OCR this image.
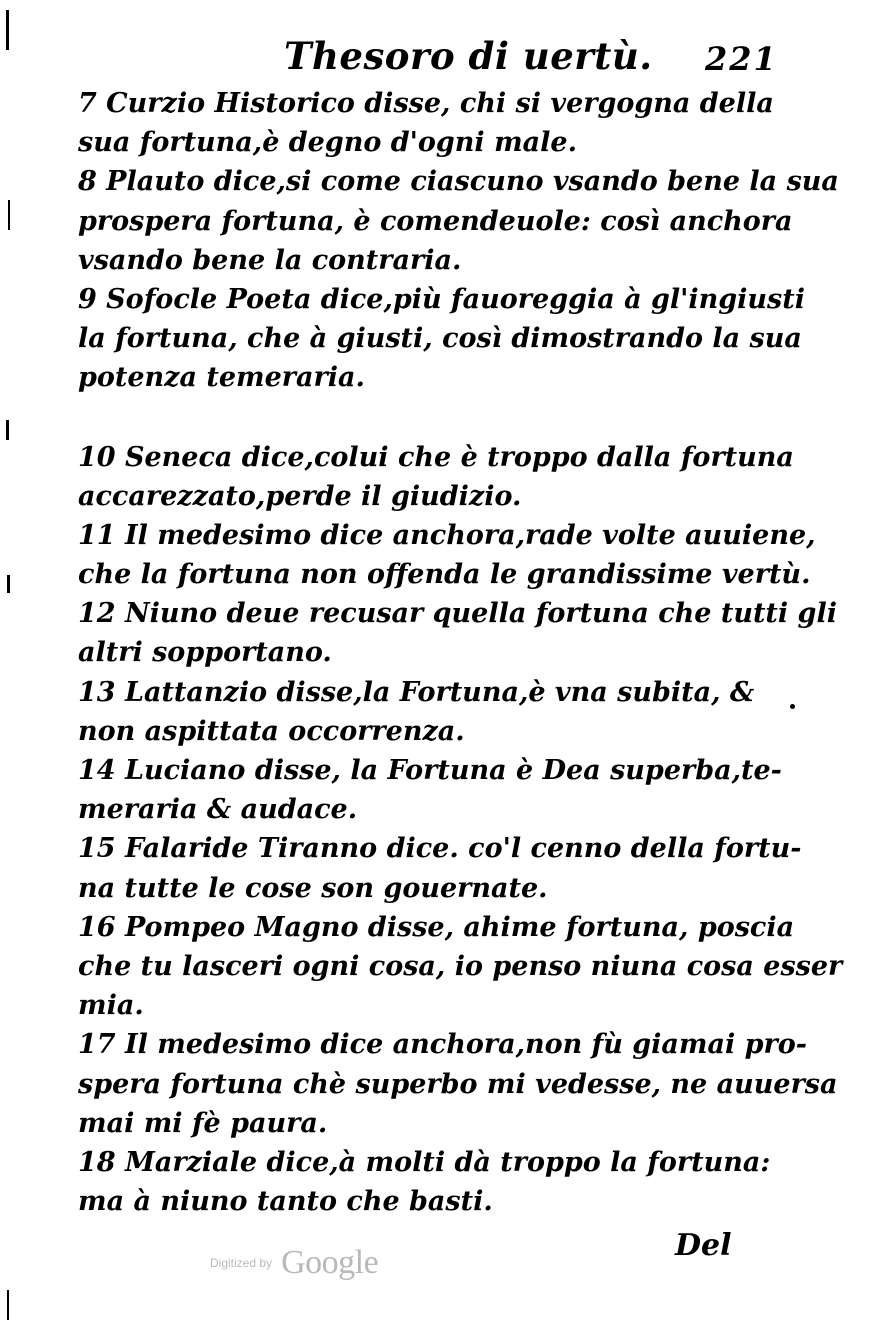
Thesoro di uertù. 221
7 Curzio Historico disse, chi si vergogna della
sua fortuna,è degno d'ogni male.
8 Plauto dice,si come ciascuno vsando bene la sua
prospera fortuna, è comendeuole: così anchora
vsando bene la contraria.
9 Sofocle Poeta dice,più fauoreggia à gl'ingiusti
la fortuna, che à giusti, così dimostrando la sua
potenza temeraria.
10 Seneca dice,colui che è troppo dalla fortuna
accarezzato,perde il giudizio.
11 Il medesimo dice anchora,rade volte auuiene,
che la fortuna non offenda le grandissime vertù.
12 Niuno deue recusar quella fortuna che tutti gli
altri sopportano.
13 Lattanzio disse,la Fortuna,è vna subita, &
non aspittata occorrenza.
14 Luciano disse, la Fortuna è Dea superba,te-
meraria & audace.
15 Falaride Tiranno dice. co'l cenno della fortu-
na tutte le cose son gouernate.
16 Pompeo Magno disse, ahime fortuna, poscia
che tu lasceri ogni cosa, io penso niuna cosa esser
mia.
17 Il medesimo dice anchora,non fù giamai pro-
spera fortuna chè superbo mi vedesse, ne auuersa
mai mi fè paura.
18 Marziale dice,à molti dà troppo la fortuna:
ma à niuno tanto che basti.
Digitized by Google	Del
